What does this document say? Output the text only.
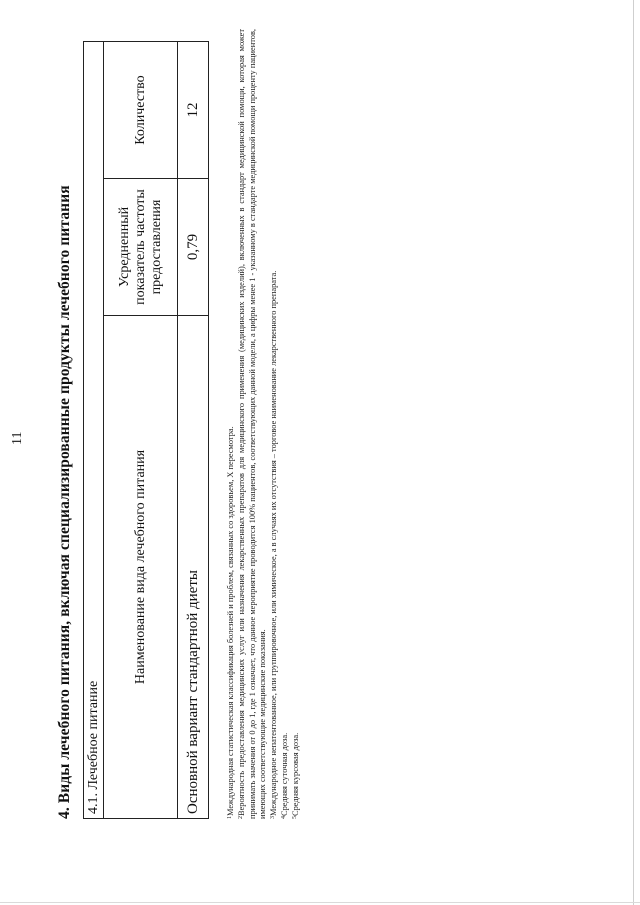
11 4. Виды лечебного питания, включая специализированные продукты лечебного питания 4.1. Лечебное питание
Наименование вида лечебного питания
Усредненный показатель частоты предоставления
Количество
Основной вариант стандартной диеты
0,79
12

$^1$Международная статистическая классификация болезней и проблем, связанных со здоровьем, X пересмотра.

$^2$Вероятность предоставления медицинских услуг или назначения лекарственных препаратов для медицинского применения (медицинских изделий), включенных в стандарт медицинской помощи, которая может принимать значения от 0 до 1, где 1 означает, что данное мероприятие проводится 100% пациентов, соответствующих данной модели, а цифры менее 1 - указанному в стандарте медицинской помощи проценту пациентов, имеющих соответствующие медицинские показания. $^3$Международное непатентованное, или группировочное, или химическое, а в случаях их отсутствия – торговое наименование лекарственного препарата.

$^4$Средняя суточная доза.

$^5$Средняя курсовая доза.
